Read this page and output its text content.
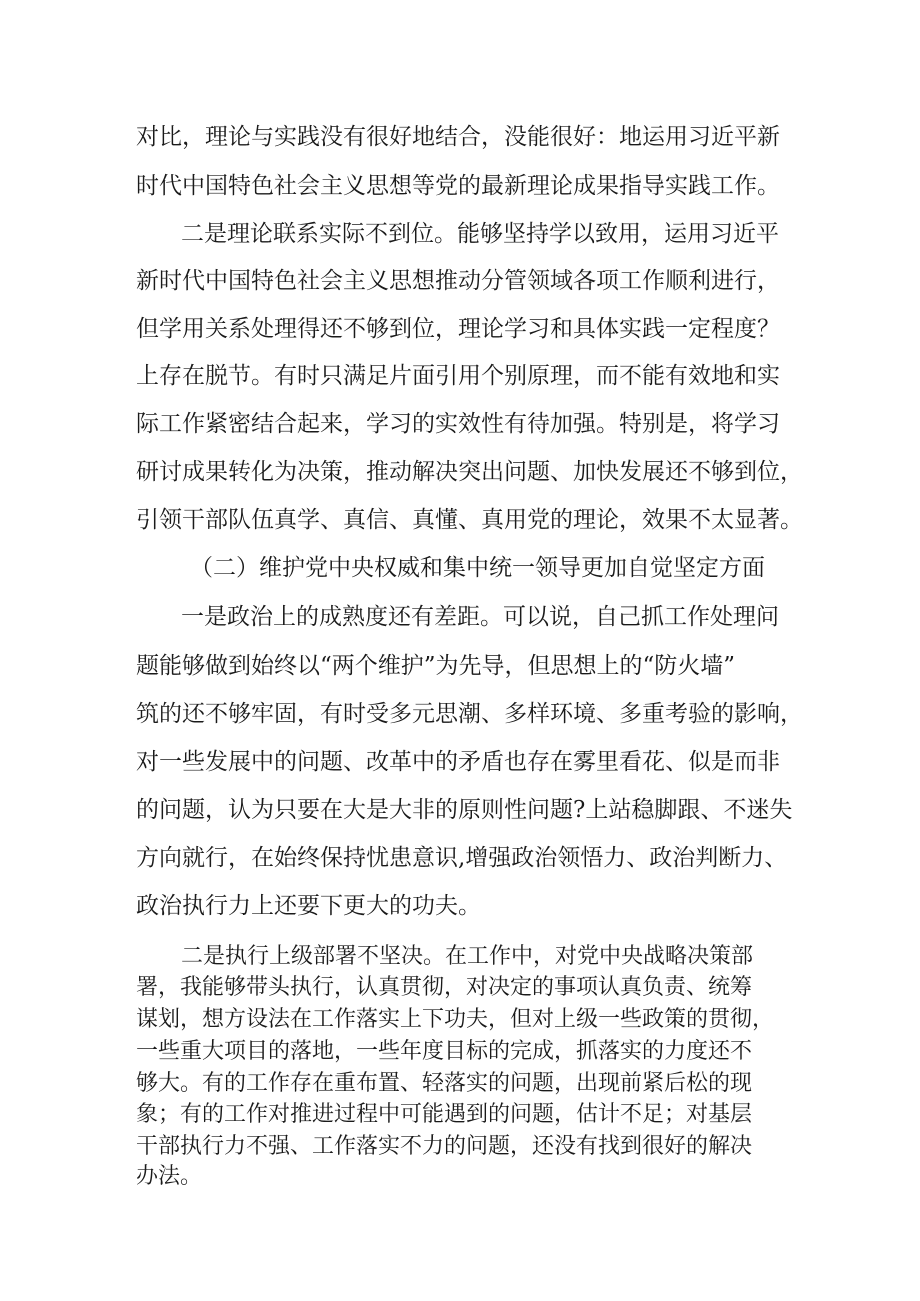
对比，理论与实践没有很好地结合，没能很好：地运用习近平新
时代中国特色社会主义思想等党的最新理论成果指导实践工作。
二是理论联系实际不到位。能够坚持学以致用，运用习近平
新时代中国特色社会主义思想推动分管领域各项工作顺利进行，
但学用关系处理得还不够到位，理论学习和具体实践一定程度？
上存在脱节。有时只满足片面引用个别原理，而不能有效地和实
际工作紧密结合起来，学习的实效性有待加强。特别是，将学习
研讨成果转化为决策，推动解决突出问题、加快发展还不够到位，
引领干部队伍真学、真信、真懂、真用党的理论，效果不太显著。
（二）维护党中央权威和集中统一领导更加自觉坚定方面
一是政治上的成熟度还有差距。可以说，自己抓工作处理问
题能够做到始终以“两个维护”为先导，但思想上的“防火墙”
筑的还不够牢固，有时受多元思潮、多样环境、多重考验的影响，
对一些发展中的问题、改革中的矛盾也存在雾里看花、似是而非
的问题，认为只要在大是大非的原则性问题?上站稳脚跟、不迷失
方向就行，在始终保持忧患意识,增强政治领悟力、政治判断力、
政治执行力上还要下更大的功夫。
二是执行上级部署不坚决。在工作中，对党中央战略决策部
署，我能够带头执行，认真贯彻，对决定的事项认真负责、统筹
谋划，想方设法在工作落实上下功夫，但对上级一些政策的贯彻，
一些重大项目的落地，一些年度目标的完成，抓落实的力度还不
够大。有的工作存在重布置、轻落实的问题，出现前紧后松的现
象；有的工作对推进过程中可能遇到的问题，估计不足；对基层
干部执行力不强、工作落实不力的问题，还没有找到很好的解决
办法。
